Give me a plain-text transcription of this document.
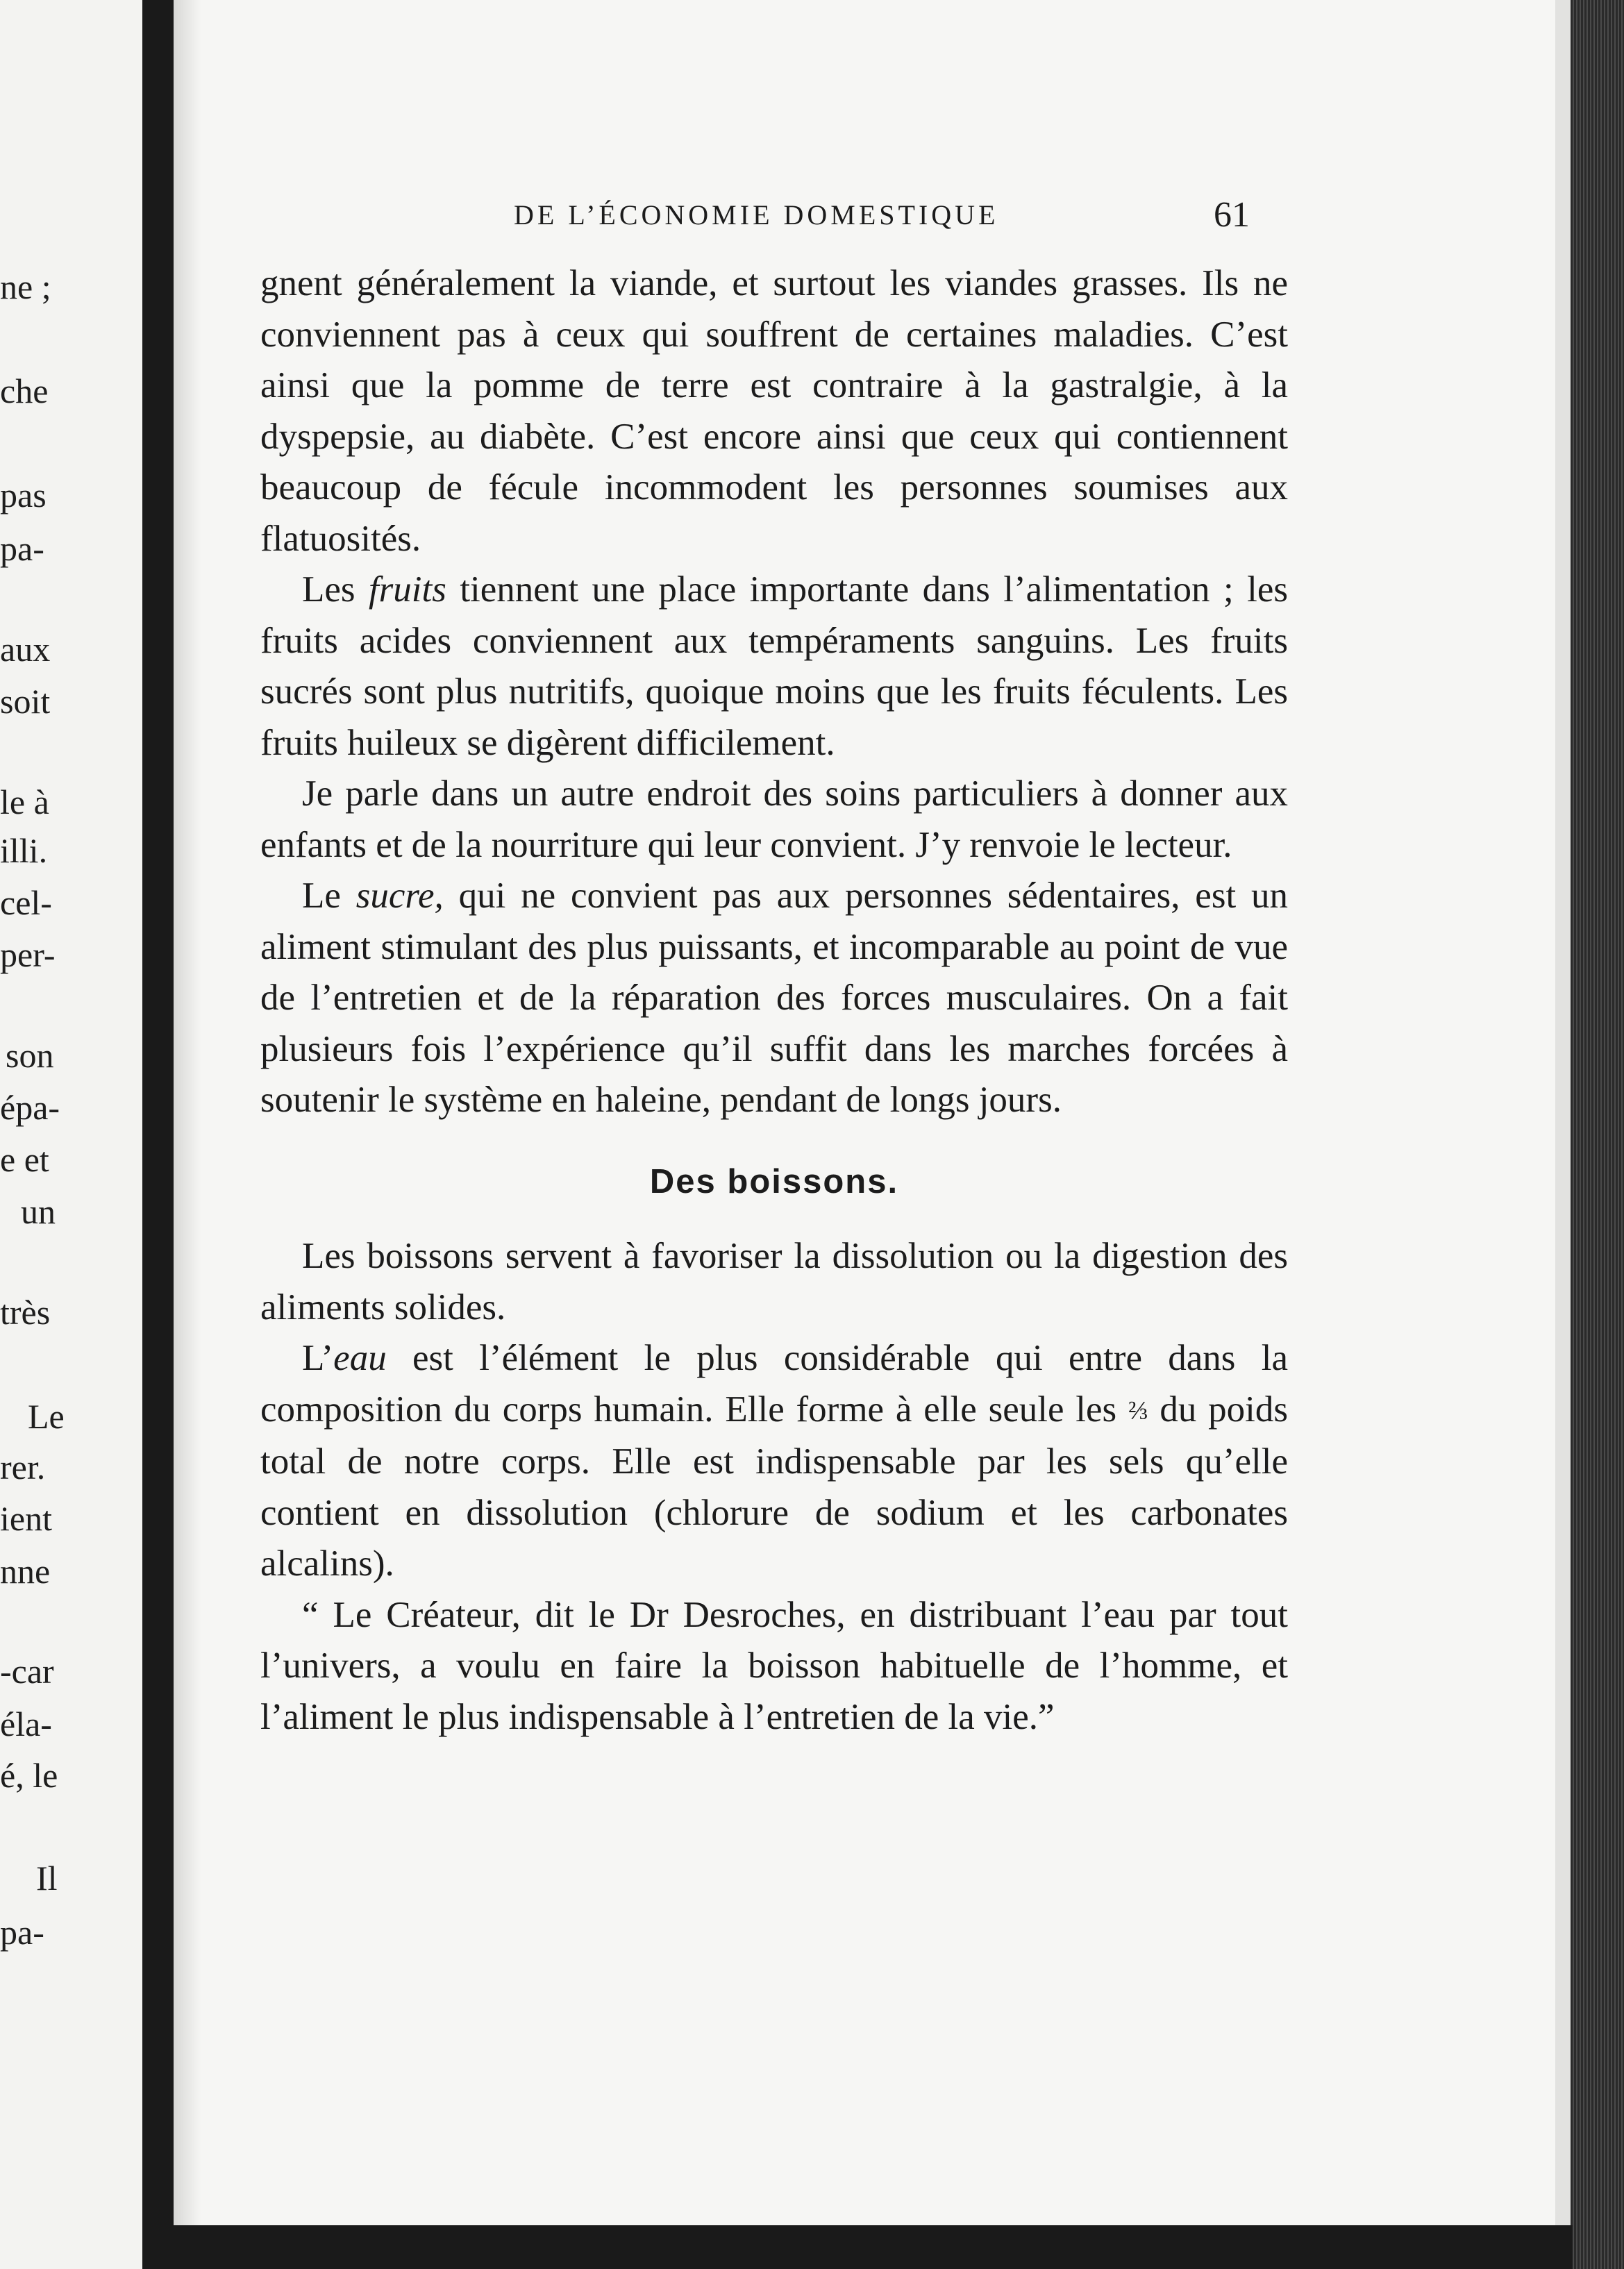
ne ;

che

pas

pa-

aux

soit

le à

illi.

cel-

per-

son

épa-

e et

un

très

Le

rer.

ient

nne

-car

éla-

é, le

Il

pa-

DE L’ÉCONOMIE DOMESTIQUE	61

gnent généralement la viande, et surtout les viandes grasses. Ils ne conviennent pas à ceux qui souffrent de certaines maladies. C’est ainsi que la pomme de terre est contraire à la gastralgie, à la dyspepsie, au diabète. C’est encore ainsi que ceux qui contiennent beaucoup de fécule incommodent les personnes soumises aux flatuosités.

Les fruits tiennent une place importante dans l’alimentation ; les fruits acides conviennent aux tempéraments sanguins. Les fruits sucrés sont plus nutritifs, quoique moins que les fruits féculents. Les fruits huileux se digèrent difficilement.

Je parle dans un autre endroit des soins particuliers à donner aux enfants et de la nourriture qui leur convient. J’y renvoie le lecteur.

Le sucre, qui ne convient pas aux personnes sédentaires, est un aliment stimulant des plus puissants, et incomparable au point de vue de l’entretien et de la réparation des forces musculaires. On a fait plusieurs fois l’expérience qu’il suffit dans les marches forcées à soutenir le système en haleine, pendant de longs jours.

Des boissons.

Les boissons servent à favoriser la dissolution ou la digestion des aliments solides.

L’eau est l’élément le plus considérable qui entre dans la composition du corps humain. Elle forme à elle seule les ⅔ du poids total de notre corps. Elle est indispensable par les sels qu’elle contient en dissolution (chlorure de sodium et les carbonates alcalins).

“ Le Créateur, dit le Dr Desroches, en distribuant l’eau par tout l’univers, a voulu en faire la boisson habituelle de l’homme, et l’aliment le plus indispensable à l’entretien de la vie.”
